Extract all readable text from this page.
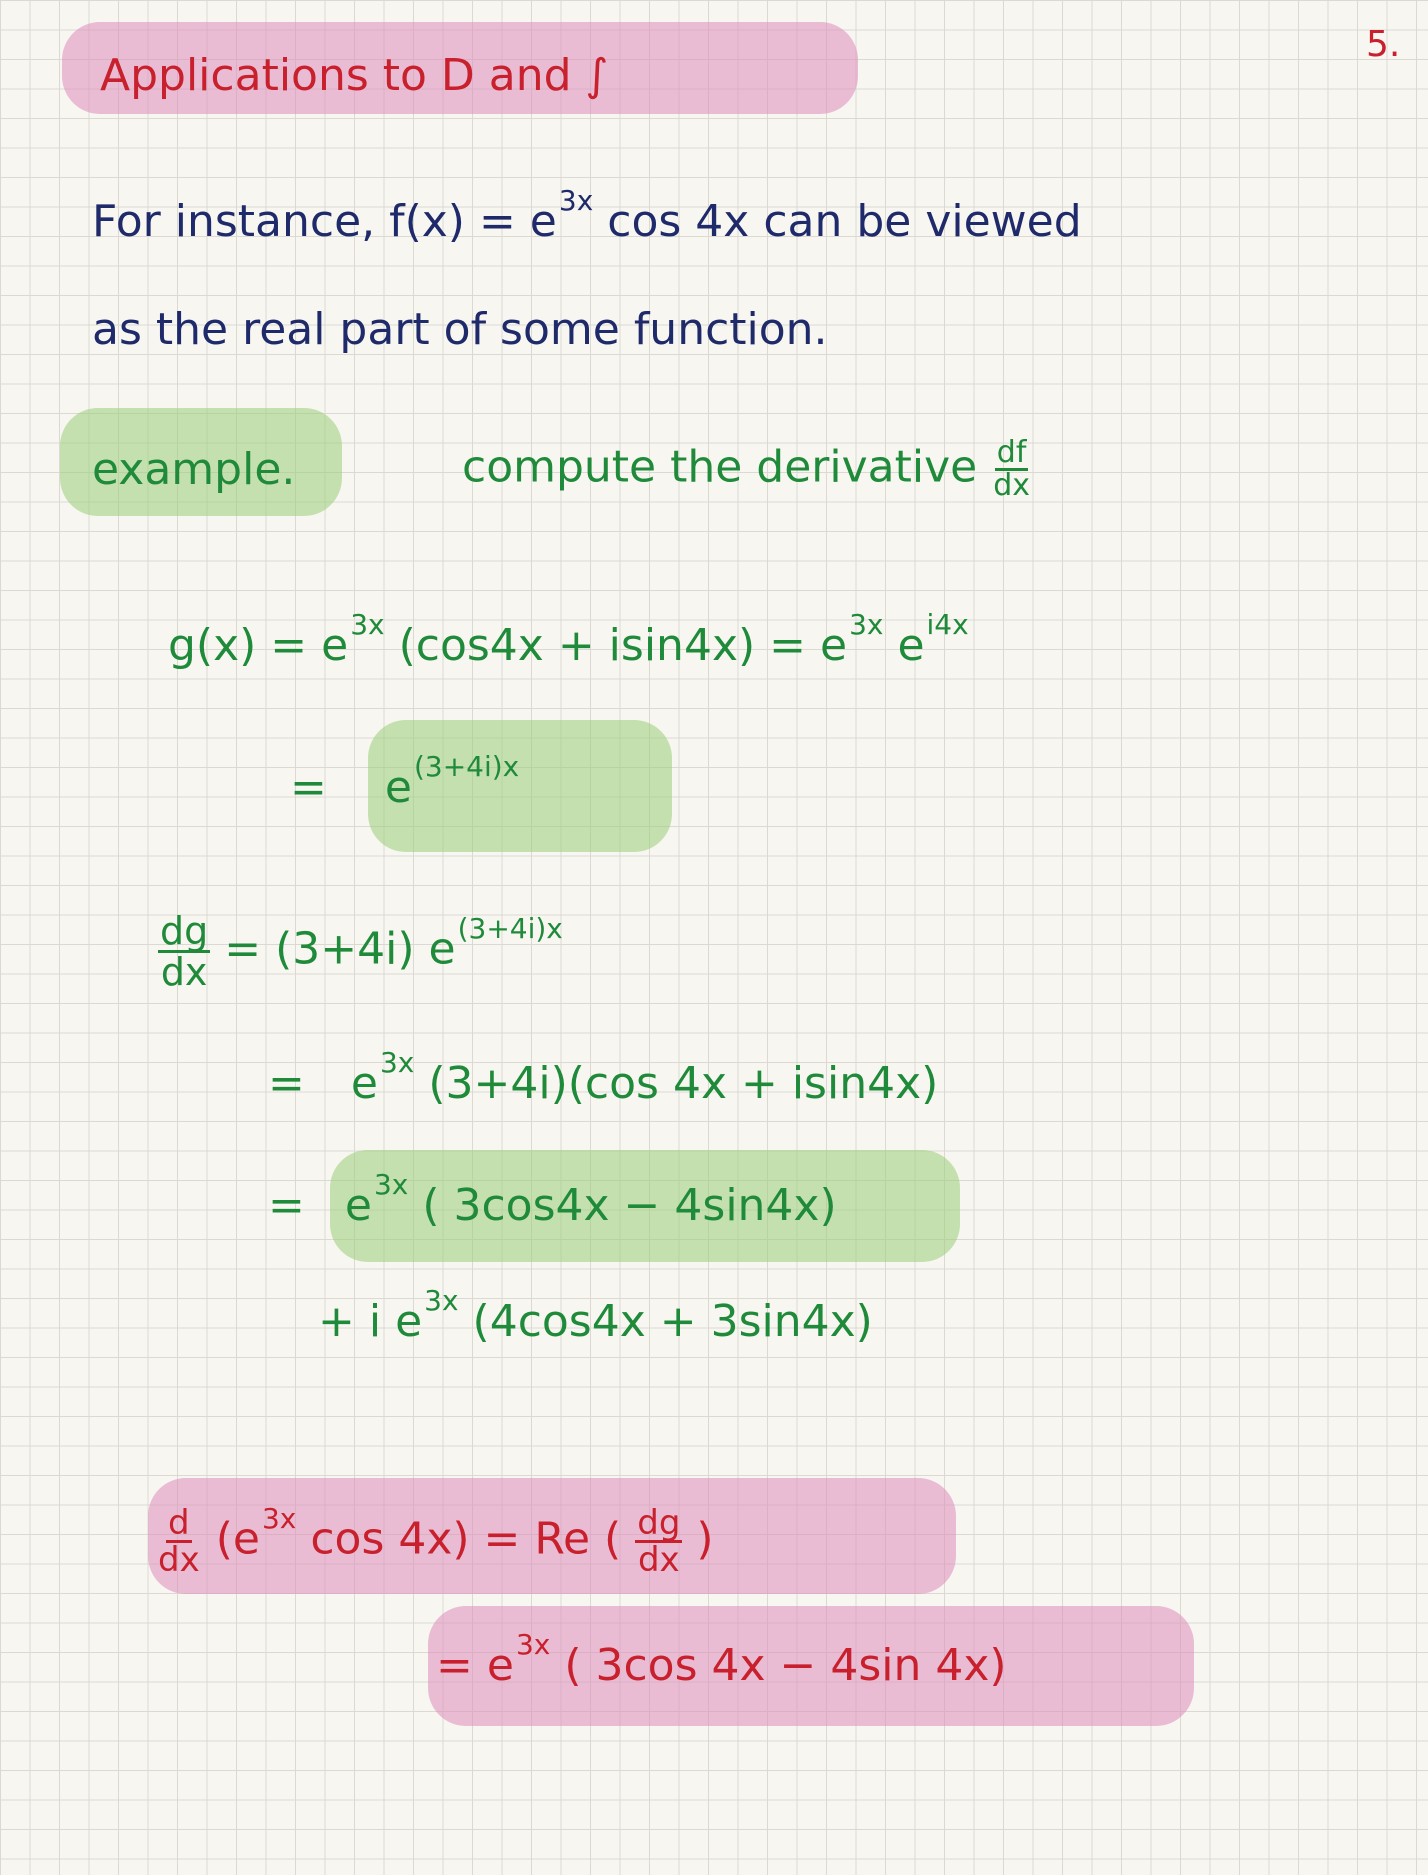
5.
Applications to D and ∫
For instance, $f(x) = e^{3x}$ cos 4x can be viewed
as the real part of some function.
example.	compute the derivative $\frac{df}{dx}$
$g(x) = e^{3x}$ $(\cos 4x + isin4x) = e^{3x}$ $e^{i4x}$
= $e^{(3+4i)x}$
$\frac{dg}{dx} = (3+4i)$ $e^{(3+4i)x}$
= $e^{3x}$ (3+4i)(cos 4x + isin4x)
= $e^{3x}$ ( 3cos4x − 4sin4x)
+ i $e^{3x}$ (4cos4x + 3sin4x)
$\frac{d}{dx} (e^{3x}$ cos 4x) = Re ( $\frac{dg}{dx}$ )
= $e^{3x}$ ( 3cos 4x − 4sin 4x)
